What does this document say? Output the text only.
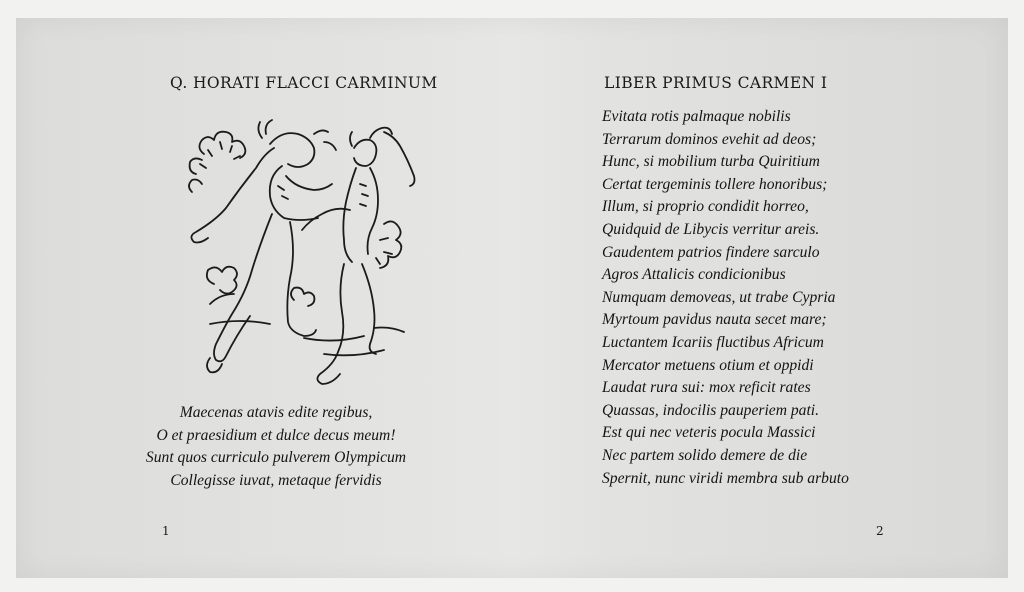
Q. HORATI FLACCI CARMINUM
Maecenas atavis edite regibus,
O et praesidium et dulce decus meum!
Sunt quos curriculo pulverem Olympicum
Collegisse iuvat, metaque fervidis
1
LIBER PRIMUS CARMEN I
Evitata rotis palmaque nobilis
Terrarum dominos evehit ad deos;
Hunc, si mobilium turba Quiritium
Certat tergeminis tollere honoribus;
Illum, si proprio condidit horreo,
Quidquid de Libycis verritur areis.
Gaudentem patrios findere sarculo
Agros Attalicis condicionibus
Numquam demoveas, ut trabe Cypria
Myrtoum pavidus nauta secet mare;
Luctantem Icariis fluctibus Africum
Mercator metuens otium et oppidi
Laudat rura sui: mox reficit rates
Quassas, indocilis pauperiem pati.
Est qui nec veteris pocula Massici
Nec partem solido demere de die
Spernit, nunc viridi membra sub arbuto
2
